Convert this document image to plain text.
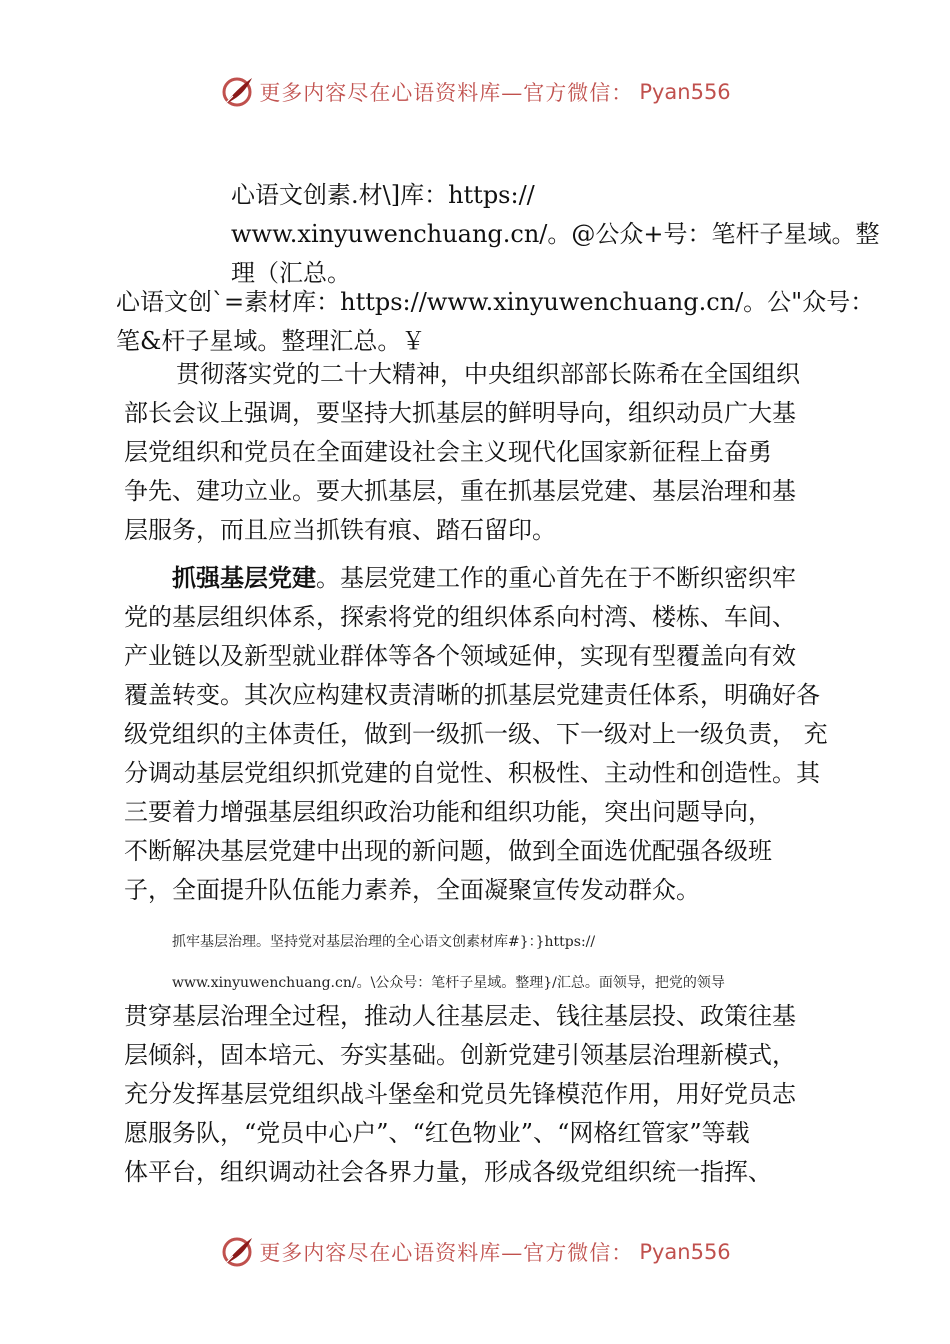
更多内容尽在心语资料库—官方微信： Pyan556
心语文创素.材\]库：https://
www.xinyuwenchuang.cn/。@公众+号：笔杆子星域。整
理（汇总。
心语文创`=素材库：https://www.xinyuwenchuang.cn/。公"众号：
笔&杆子星域。整理汇总。￥
贯彻落实党的二十大精神，中央组织部部长陈希在全国组织
部长会议上强调，要坚持大抓基层的鲜明导向，组织动员广大基
层党组织和党员在全面建设社会主义现代化国家新征程上奋勇
争先、建功立业。要大抓基层，重在抓基层党建、基层治理和基
层服务，而且应当抓铁有痕、踏石留印。
抓强基层党建。基层党建工作的重心首先在于不断织密织牢
党的基层组织体系，探索将党的组织体系向村湾、楼栋、车间、
产业链以及新型就业群体等各个领域延伸，实现有型覆盖向有效
覆盖转变。其次应构建权责清晰的抓基层党建责任体系，明确好各
级党组织的主体责任，做到一级抓一级、下一级对上一级负责， 充
分调动基层党组织抓党建的自觉性、积极性、主动性和创造性。其
三要着力增强基层组织政治功能和组织功能，突出问题导向，
不断解决基层党建中出现的新问题，做到全面选优配强各级班
子，全面提升队伍能力素养，全面凝聚宣传发动群众。
抓牢基层治理。坚持党对基层治理的全心语文创素材库#}：}https://
www.xinyuwenchuang.cn/。\公众号：笔杆子星域。整理}/汇总。面领导，把党的领导
贯穿基层治理全过程，推动人往基层走、钱往基层投、政策往基
层倾斜，固本培元、夯实基础。创新党建引领基层治理新模式，
充分发挥基层党组织战斗堡垒和党员先锋模范作用，用好党员志
愿服务队，“党员中心户”、“红色物业”、“网格红管家”等载
体平台，组织调动社会各界力量，形成各级党组织统一指挥、
更多内容尽在心语资料库—官方微信： Pyan556
